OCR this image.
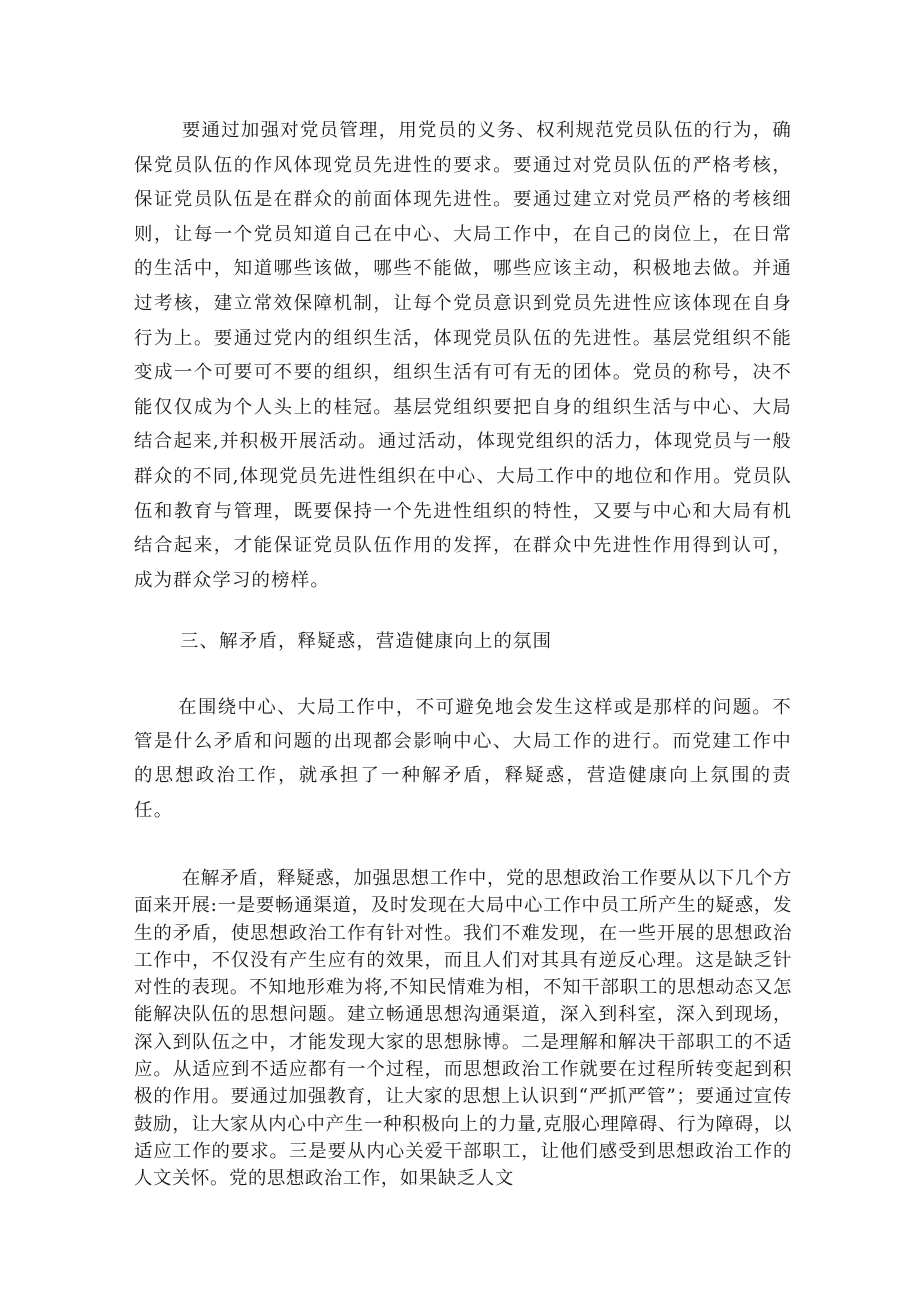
要通过加强对党员管理，用党员的义务、权利规范党员队伍的行为，确保党员队伍的作风体现党员先进性的要求。要通过对党员队伍的严格考核，保证党员队伍是在群众的前面体现先进性。要通过建立对党员严格的考核细则，让每一个党员知道自己在中心、大局工作中，在自己的岗位上，在日常的生活中，知道哪些该做，哪些不能做，哪些应该主动，积极地去做。并通过考核，建立常效保障机制，让每个党员意识到党员先进性应该体现在自身行为上。要通过党内的组织生活，体现党员队伍的先进性。基层党组织不能变成一个可要可不要的组织，组织生活有可有无的团体。党员的称号，决不能仅仅成为个人头上的桂冠。基层党组织要把自身的组织生活与中心、大局结合起来,并积极开展活动。通过活动，体现党组织的活力，体现党员与一般群众的不同,体现党员先进性组织在中心、大局工作中的地位和作用。党员队伍和教育与管理，既要保持一个先进性组织的特性，又要与中心和大局有机结合起来，才能保证党员队伍作用的发挥，在群众中先进性作用得到认可，成为群众学习的榜样。

三、解矛盾，释疑惑，营造健康向上的氛围

在围绕中心、大局工作中，不可避免地会发生这样或是那样的问题。不管是什么矛盾和问题的出现都会影响中心、大局工作的进行。而党建工作中的思想政治工作，就承担了一种解矛盾，释疑惑，营造健康向上氛围的责任。

在解矛盾，释疑惑，加强思想工作中，党的思想政治工作要从以下几个方面来开展:一是要畅通渠道，及时发现在大局中心工作中员工所产生的疑惑，发生的矛盾，使思想政治工作有针对性。我们不难发现，在一些开展的思想政治工作中，不仅没有产生应有的效果，而且人们对其具有逆反心理。这是缺乏针对性的表现。不知地形难为将,不知民情难为相，不知干部职工的思想动态又怎能解决队伍的思想问题。建立畅通思想沟通渠道，深入到科室，深入到现场，深入到队伍之中，才能发现大家的思想脉博。二是理解和解决干部职工的不适应。从适应到不适应都有一个过程，而思想政治工作就要在过程所转变起到积极的作用。要通过加强教育，让大家的思想上认识到“严抓严管”；要通过宣传鼓励，让大家从内心中产生一种积极向上的力量,克服心理障碍、行为障碍，以适应工作的要求。三是要从内心关爱干部职工，让他们感受到思想政治工作的人文关怀。党的思想政治工作，如果缺乏人文
